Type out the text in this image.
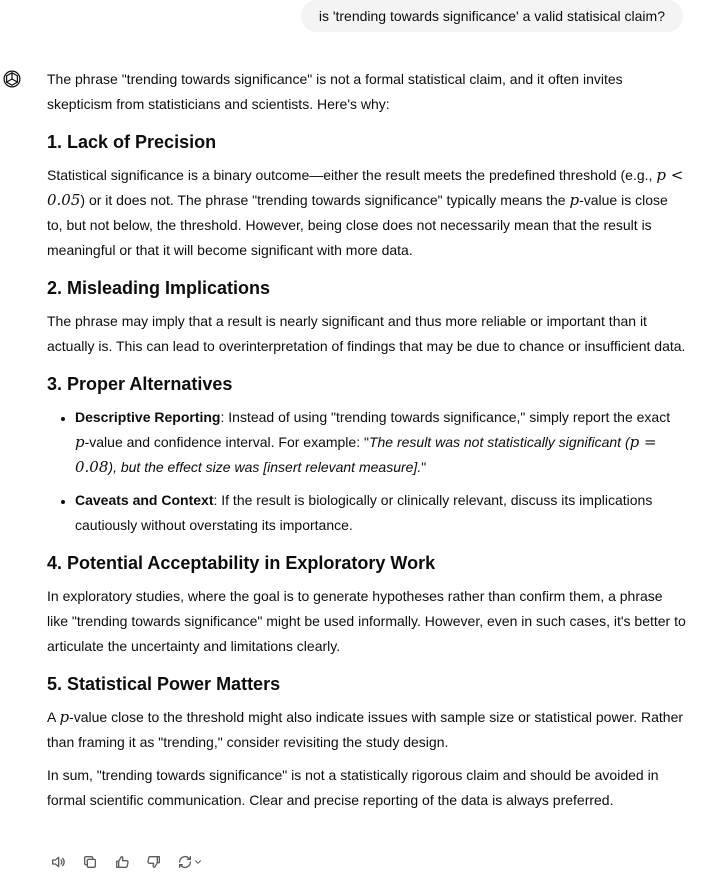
is 'trending towards significance' a valid statisical claim?

The phrase "trending towards significance" is not a formal statistical claim, and it often invites skepticism from statisticians and scientists. Here's why:

1. Lack of Precision

Statistical significance is a binary outcome—either the result meets the predefined threshold (e.g., p < 0.05) or it does not. The phrase "trending towards significance" typically means the p-value is close to, but not below, the threshold. However, being close does not necessarily mean that the result is meaningful or that it will become significant with more data.

2. Misleading Implications

The phrase may imply that a result is nearly significant and thus more reliable or important than it actually is. This can lead to overinterpretation of findings that may be due to chance or insufficient data.

3. Proper Alternatives
• Descriptive Reporting: Instead of using "trending towards significance," simply report the exact p-value and confidence interval. For example: "The result was not statistically significant (p = 0.08), but the effect size was [insert relevant measure]."
• Caveats and Context: If the result is biologically or clinically relevant, discuss its implications cautiously without overstating its importance.
4. Potential Acceptability in Exploratory Work

In exploratory studies, where the goal is to generate hypotheses rather than confirm them, a phrase like "trending towards significance" might be used informally. However, even in such cases, it's better to articulate the uncertainty and limitations clearly.

5. Statistical Power Matters

A p-value close to the threshold might also indicate issues with sample size or statistical power. Rather than framing it as "trending," consider revisiting the study design.

In sum, "trending towards significance" is not a statistically rigorous claim and should be avoided in formal scientific communication. Clear and precise reporting of the data is always preferred.
